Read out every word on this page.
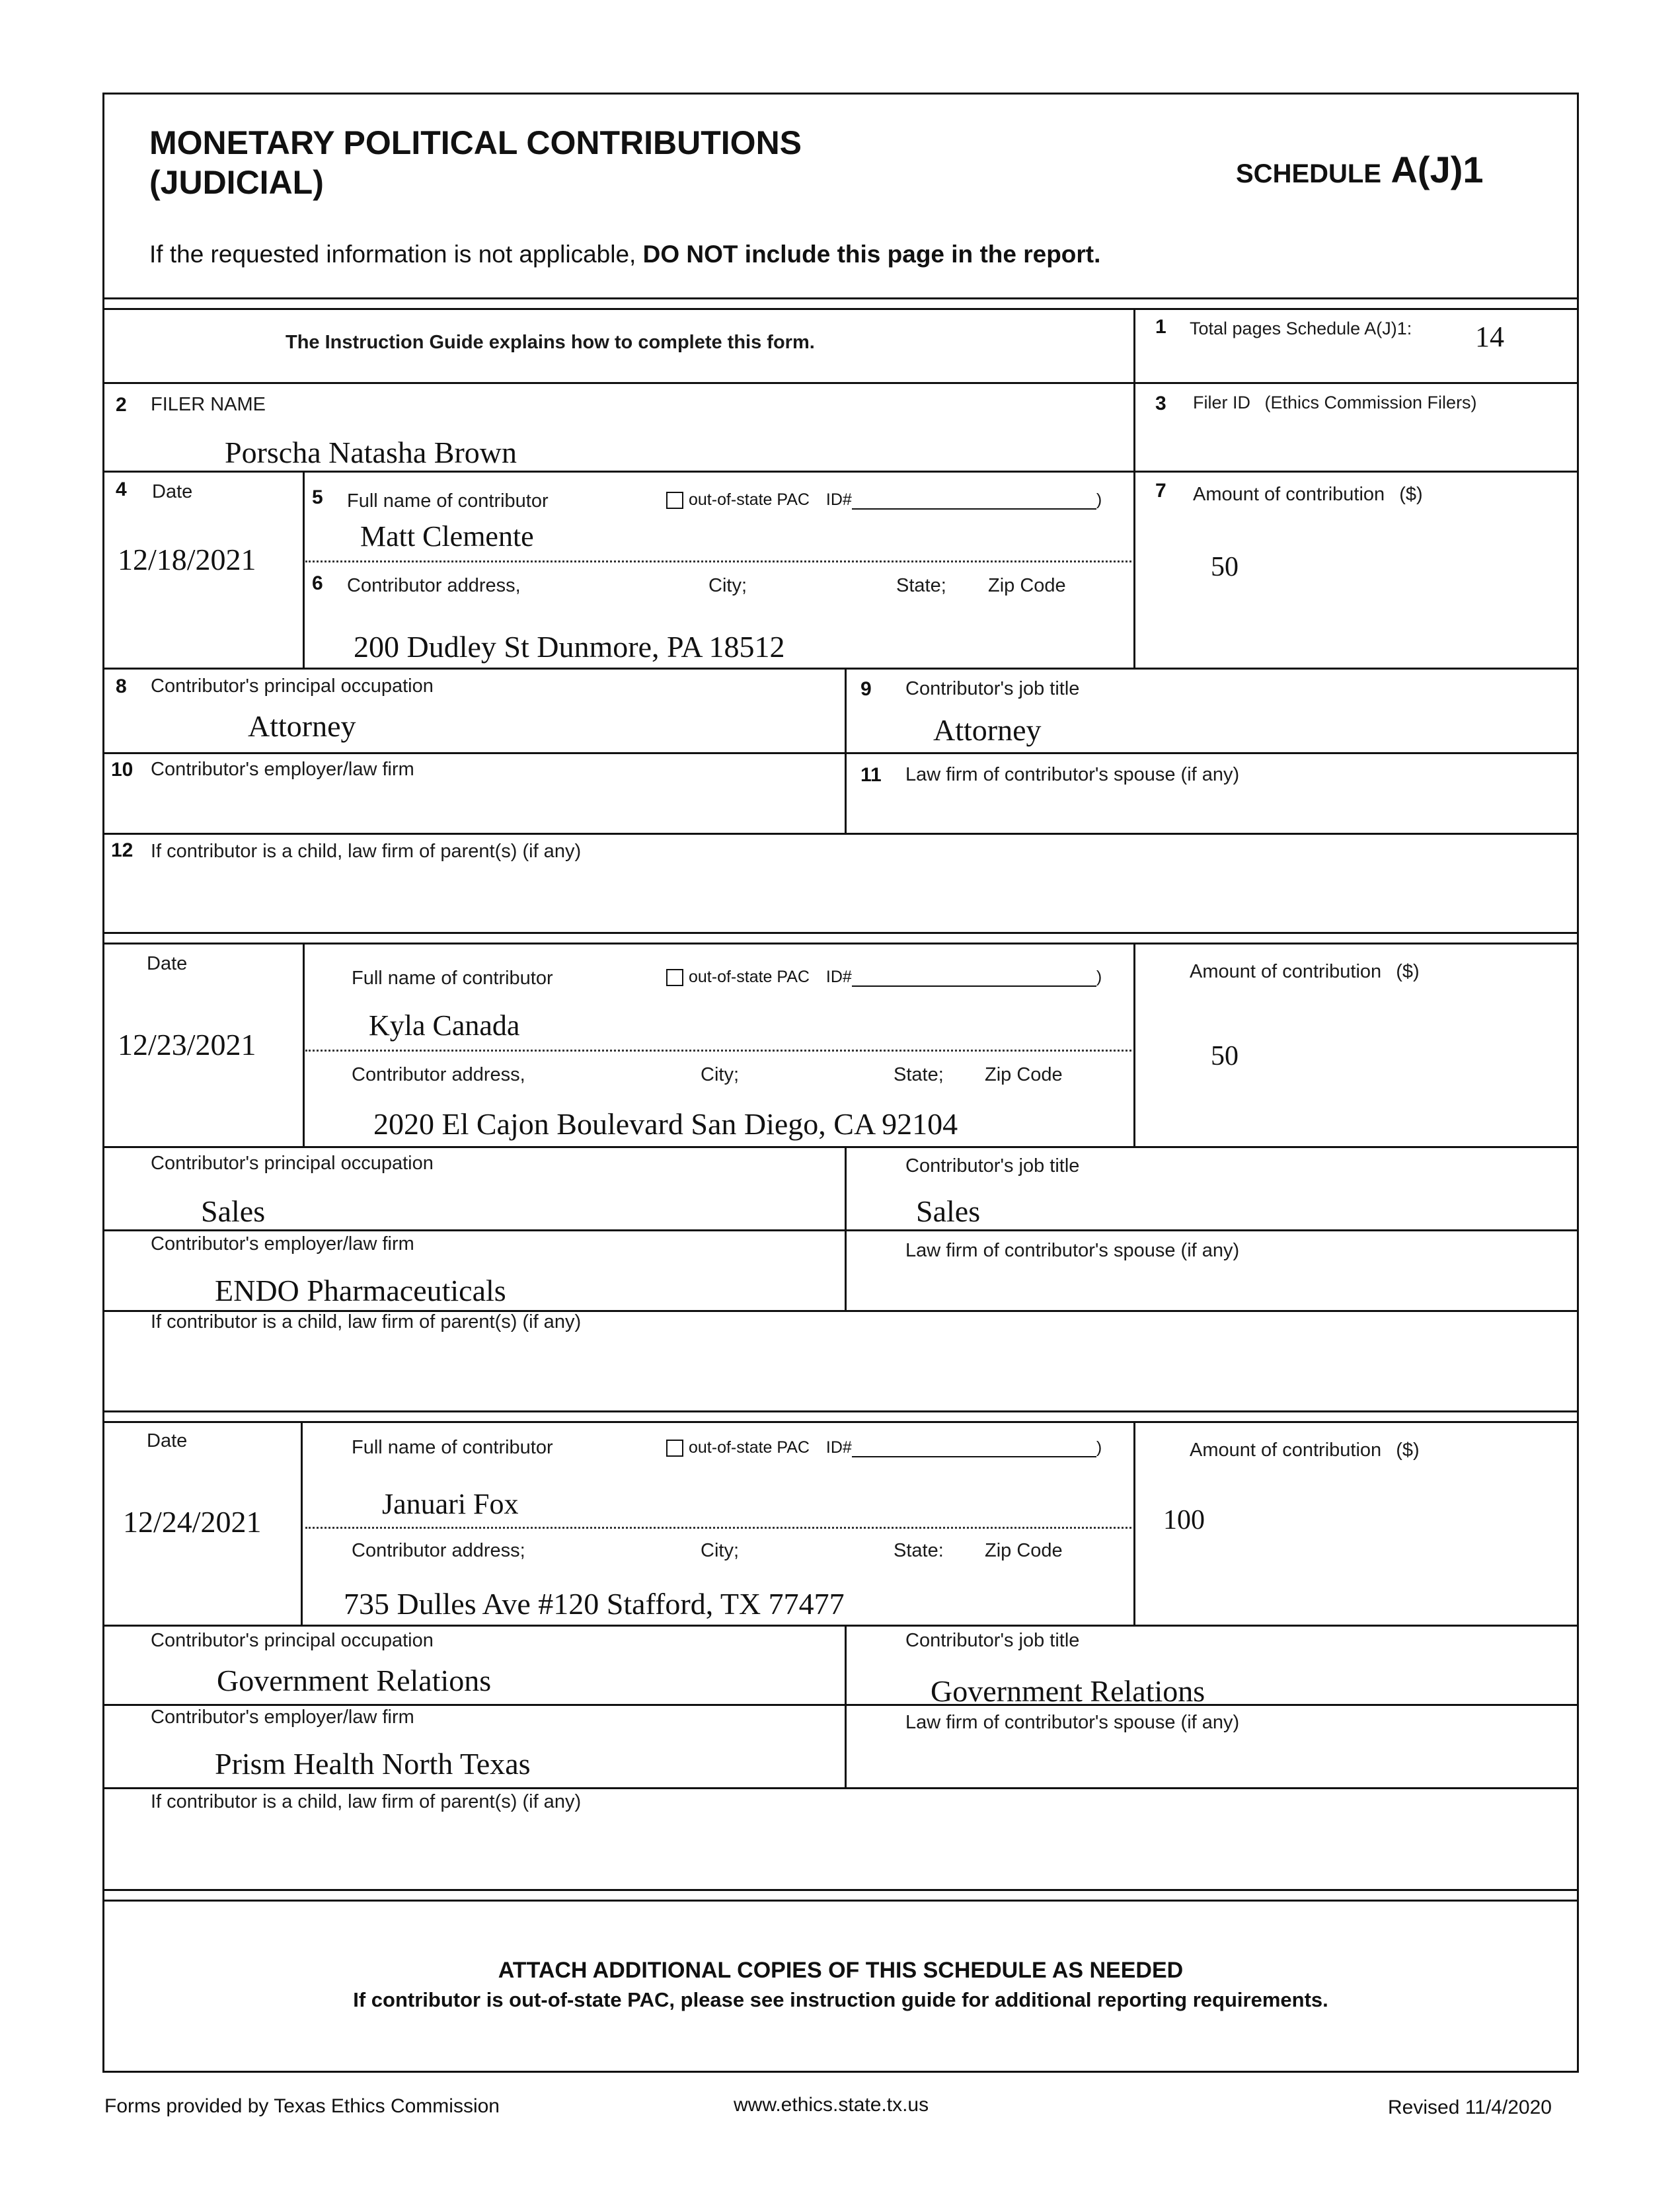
MONETARY POLITICAL CONTRIBUTIONS
(JUDICIAL)	SCHEDULE A(J)1
If the requested information is not applicable, DO NOT include this page in the report.
The Instruction Guide explains how to complete this form.
1 Total pages Schedule A(J)1: 14
2 FILER NAME
Porscha Natasha Brown
3 Filer ID (Ethics Commission Filers)
4 Date
12/18/2021
5 Full name of contributor	out-of-state PAC ID#	)
Matt Clemente
6 Contributor address,	City;	State; Zip Code
200 Dudley St Dunmore, PA 18512
7 Amount of contribution ($)
50
8 Contributor's principal occupation
Attorney
9 Contributor's job title
Attorney
10 Contributor's employer/law firm	11 Law firm of contributor's spouse (if any)
12 If contributor is a child, law firm of parent(s) (if any)
Date
12/23/2021
Full name of contributor	out-of-state PAC ID#	)
Kyla Canada
Contributor address,	City;	State; Zip Code
2020 El Cajon Boulevard San Diego, CA 92104
Amount of contribution ($)
50
Contributor's principal occupation
Sales
Contributor's job title
Sales
Contributor's employer/law firm
ENDO Pharmaceuticals
Law firm of contributor's spouse (if any)
If contributor is a child, law firm of parent(s) (if any)
Date
12/24/2021
Full name of contributor	out-of-state PAC ID#	)
Januari Fox
Contributor address;	City;	State: Zip Code
735 Dulles Ave #120 Stafford, TX 77477
Amount of contribution ($)
100
Contributor's principal occupation
Government Relations
Contributor's job title
Government Relations
Contributor's employer/law firm
Prism Health North Texas
Law firm of contributor's spouse (if any)
If contributor is a child, law firm of parent(s) (if any)
ATTACH ADDITIONAL COPIES OF THIS SCHEDULE AS NEEDED
If contributor is out-of-state PAC, please see instruction guide for additional reporting requirements.
Forms provided by Texas Ethics Commission	www.ethics.state.tx.us	Revised 11/4/2020
